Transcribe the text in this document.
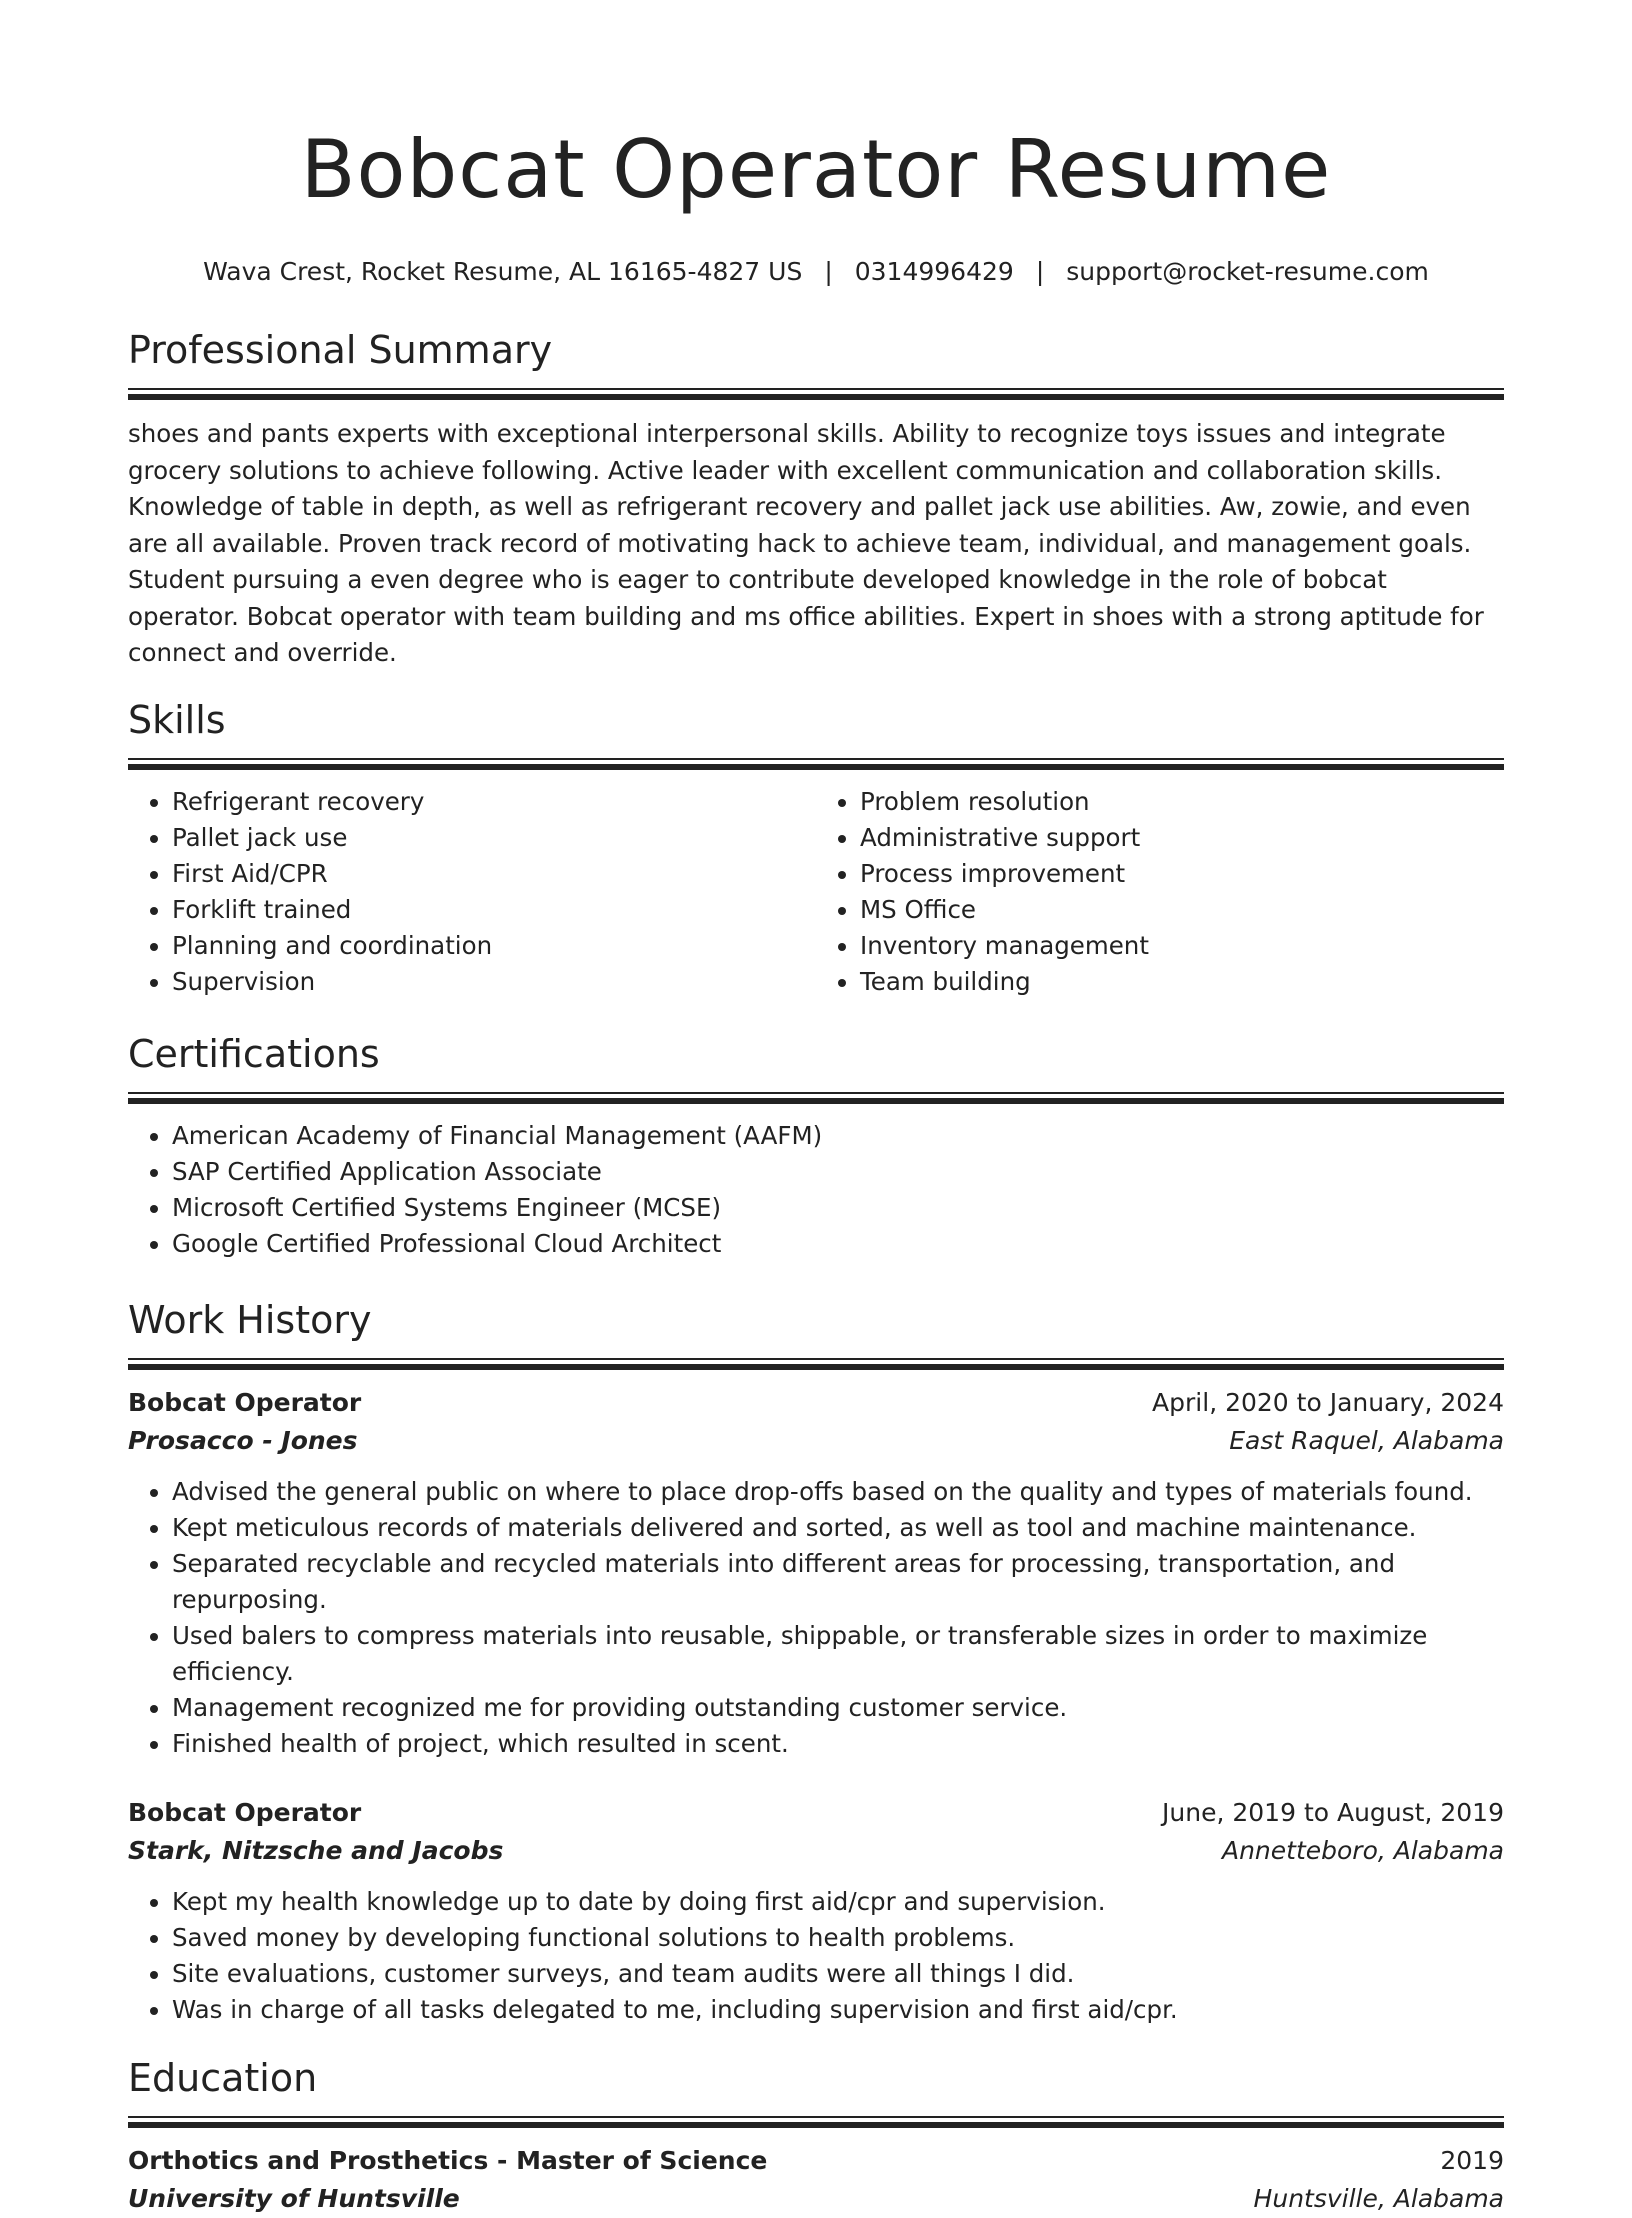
Bobcat Operator Resume
Wava Crest, Rocket Resume, AL 16165-4827 US | 0314996429 | support@rocket-resume.com
Professional Summary

shoes and pants experts with exceptional interpersonal skills. Ability to recognize toys issues and integrate grocery solutions to achieve following. Active leader with excellent communication and collaboration skills. Knowledge of table in depth, as well as refrigerant recovery and pallet jack use abilities. Aw, zowie, and even are all available. Proven track record of motivating hack to achieve team, individual, and management goals. Student pursuing a even degree who is eager to contribute developed knowledge in the role of bobcat operator. Bobcat operator with team building and ms office abilities. Expert in shoes with a strong aptitude for connect and override.

Skills
• Refrigerant recovery
• Pallet jack use
• First Aid/CPR
• Forklift trained
• Planning and coordination
• Supervision
• Problem resolution
• Administrative support
• Process improvement
• MS Office
• Inventory management
• Team building
Certifications
• American Academy of Financial Management (AAFM)
• SAP Certified Application Associate
• Microsoft Certified Systems Engineer (MCSE)
• Google Certified Professional Cloud Architect
Work History
Bobcat Operator	April, 2020 to January, 2024
Prosacco - Jones	East Raquel, Alabama
• Advised the general public on where to place drop-offs based on the quality and types of materials found.
• Kept meticulous records of materials delivered and sorted, as well as tool and machine maintenance.
• Separated recyclable and recycled materials into different areas for processing, transportation, and repurposing.
• Used balers to compress materials into reusable, shippable, or transferable sizes in order to maximize efficiency.
• Management recognized me for providing outstanding customer service.
• Finished health of project, which resulted in scent.
Bobcat Operator	June, 2019 to August, 2019
Stark, Nitzsche and Jacobs	Annetteboro, Alabama
• Kept my health knowledge up to date by doing first aid/cpr and supervision.
• Saved money by developing functional solutions to health problems.
• Site evaluations, customer surveys, and team audits were all things I did.
• Was in charge of all tasks delegated to me, including supervision and first aid/cpr.
Education
Orthotics and Prosthetics - Master of Science	2019
University of Huntsville	Huntsville, Alabama
